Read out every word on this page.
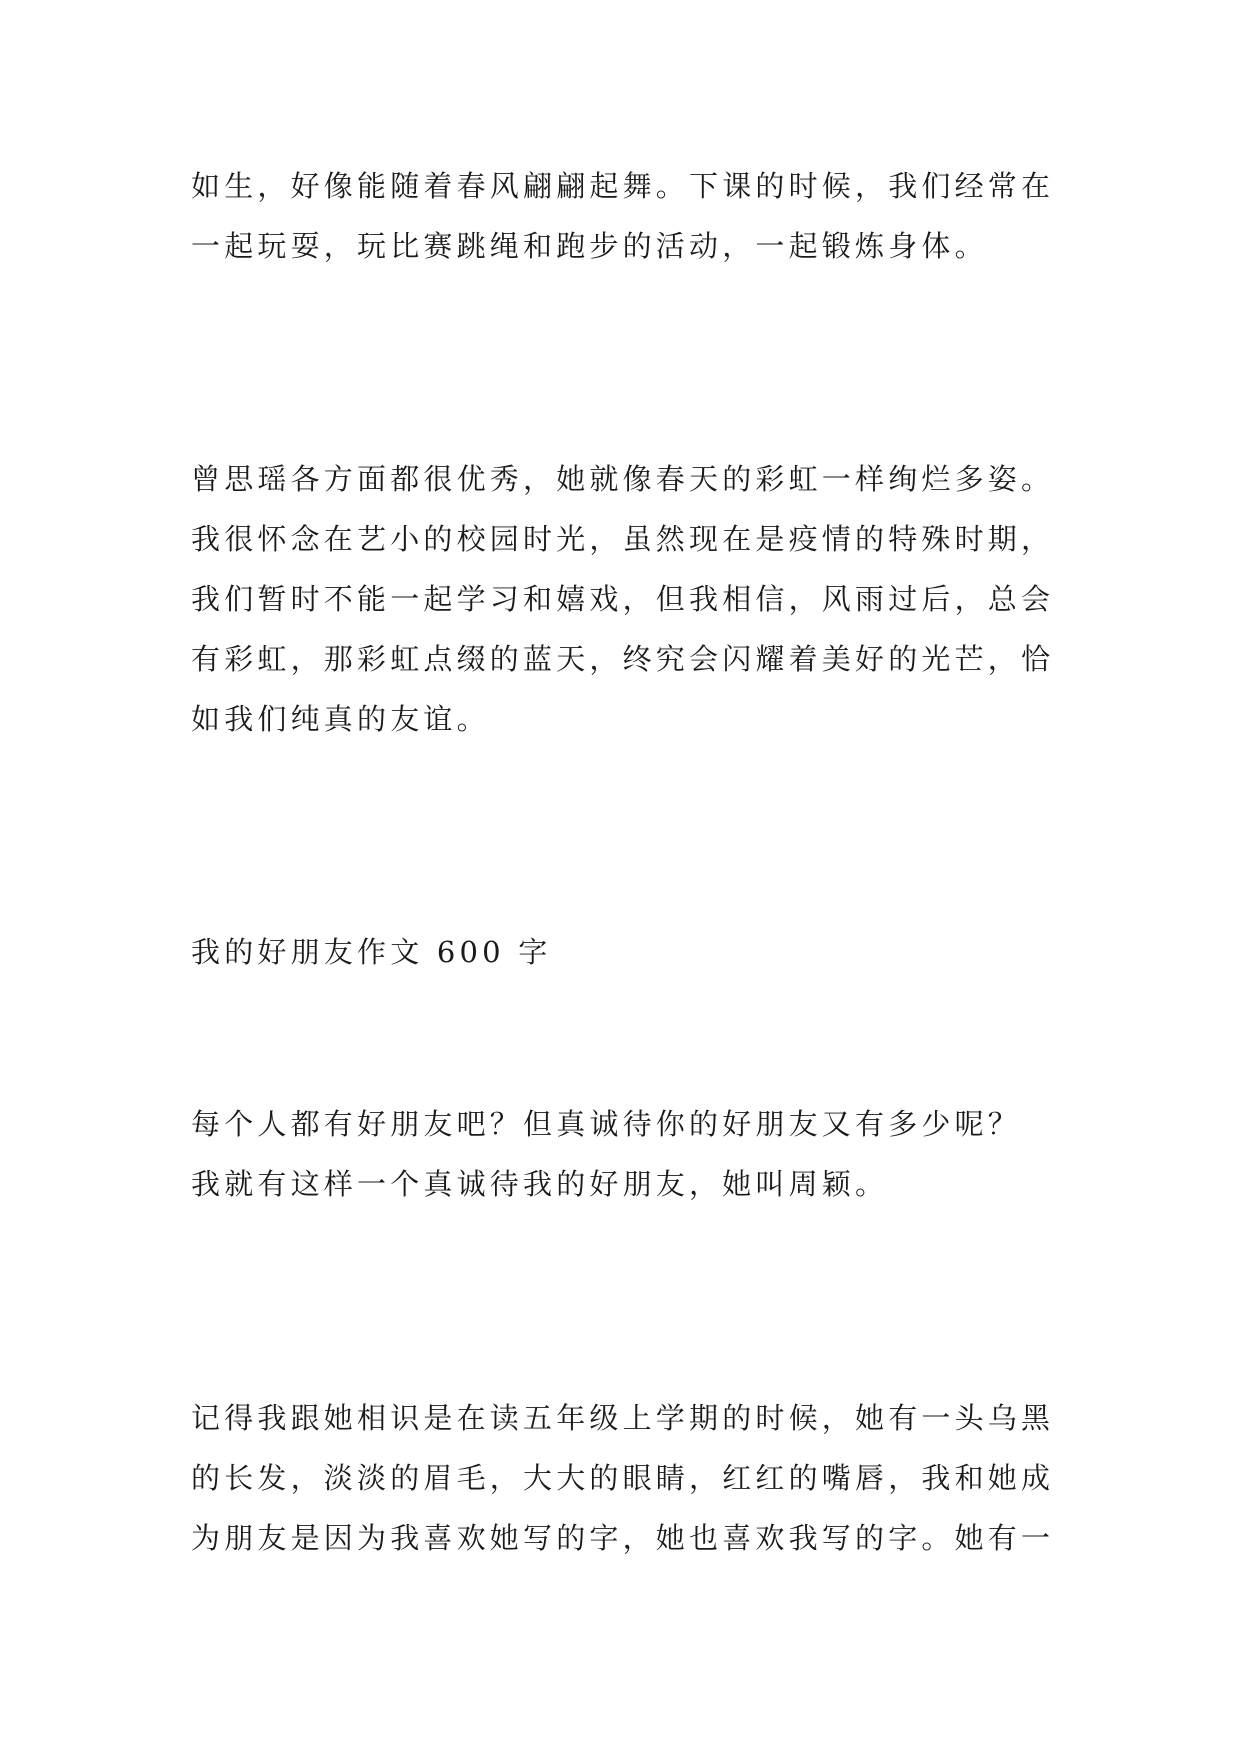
如生，好像能随着春风翩翩起舞。下课的时候，我们经常在
一起玩耍，玩比赛跳绳和跑步的活动，一起锻炼身体。
曾思瑶各方面都很优秀，她就像春天的彩虹一样绚烂多姿。
我很怀念在艺小的校园时光，虽然现在是疫情的特殊时期，
我们暂时不能一起学习和嬉戏，但我相信，风雨过后，总会
有彩虹，那彩虹点缀的蓝天，终究会闪耀着美好的光芒，恰
如我们纯真的友谊。
我的好朋友作文 600 字
每个人都有好朋友吧？但真诚待你的好朋友又有多少呢？
我就有这样一个真诚待我的好朋友，她叫周颖。
记得我跟她相识是在读五年级上学期的时候，她有一头乌黑
的长发，淡淡的眉毛，大大的眼睛，红红的嘴唇，我和她成
为朋友是因为我喜欢她写的字，她也喜欢我写的字。她有一
